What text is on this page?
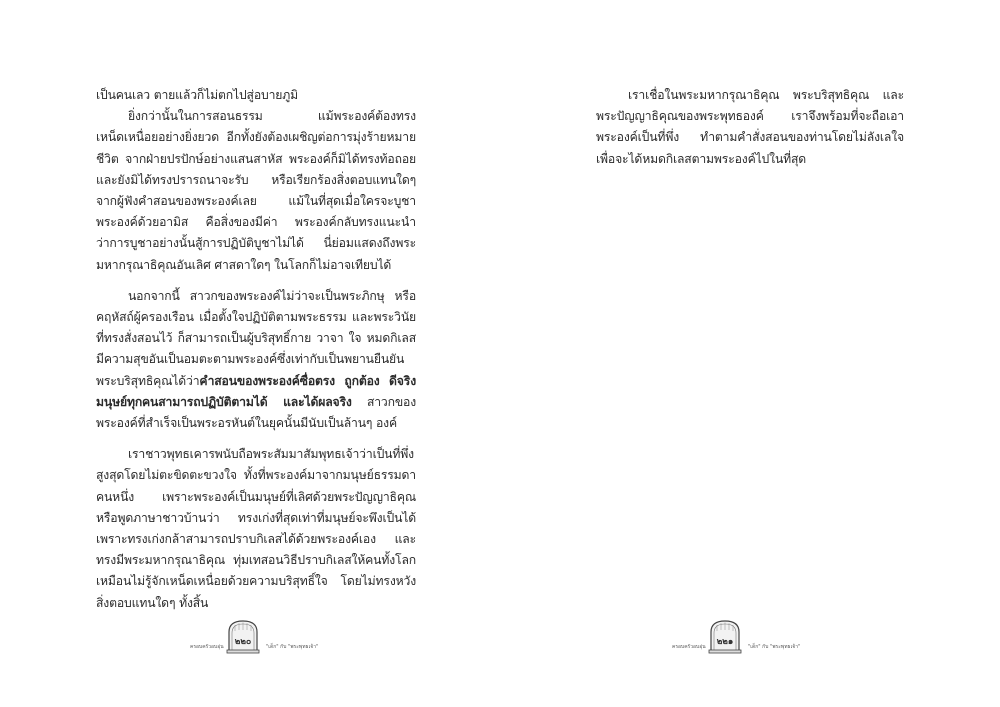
เป็นคนเลว ตายแล้วก็ไม่ตกไปสู่อบายภูมิ

ยิ่งกว่านั้นในการสอนธรรม แม้พระองค์ต้องทรงเหน็ดเหนื่อยอย่างยิ่งยวด อีกทั้งยังต้องเผชิญต่อการมุ่งร้ายหมายชีวิต จากฝ่ายปรปักษ์อย่างแสนสาหัส พระองค์ก็มิได้ทรงท้อถอย และยังมิได้ทรงปรารถนาจะรับ หรือเรียกร้องสิ่งตอบแทนใดๆ จากผู้ฟังคำสอนของพระองค์เลย แม้ในที่สุดเมื่อใครจะบูชาพระองค์ด้วยอามิส คือสิ่งของมีค่า พระองค์กลับทรงแนะนำว่าการบูชาอย่างนั้นสู้การปฏิบัติบูชาไม่ได้ นี่ย่อมแสดงถึงพระมหากรุณาธิคุณอันเลิศ ศาสดาใดๆ ในโลกก็ไม่อาจเทียบได้

นอกจากนี้ สาวกของพระองค์ไม่ว่าจะเป็นพระภิกษุ หรือคฤหัสถ์ผู้ครองเรือน เมื่อตั้งใจปฏิบัติตามพระธรรม และพระวินัยที่ทรงสั่งสอนไว้ ก็สามารถเป็นผู้บริสุทธิ์กาย วาจา ใจ หมดกิเลส มีความสุขอันเป็นอมตะตามพระองค์ซึ่งเท่ากับเป็นพยานยืนยันพระบริสุทธิคุณได้ว่าคำสอนของพระองค์ซื่อตรง ถูกต้อง ดีจริง มนุษย์ทุกคนสามารถปฏิบัติตามได้ และได้ผลจริง สาวกของพระองค์ที่สำเร็จเป็นพระอรหันต์ในยุคนั้นมีนับเป็นล้านๆ องค์

เราชาวพุทธเคารพนับถือพระสัมมาสัมพุทธเจ้าว่าเป็นที่พึ่งสูงสุดโดยไม่ตะขิดตะขวงใจ ทั้งที่พระองค์มาจากมนุษย์ธรรมดาคนหนึ่ง เพราะพระองค์เป็นมนุษย์ที่เลิศด้วยพระปัญญาธิคุณ หรือพูดภาษาชาวบ้านว่า ทรงเก่งที่สุดเท่าที่มนุษย์จะพึงเป็นได้ เพราะทรงเก่งกล้าสามารถปราบกิเลสได้ด้วยพระองค์เอง และทรงมีพระมหากรุณาธิคุณ ทุ่มเทสอนวิธีปราบกิเลสให้คนทั้งโลก เหมือนไม่รู้จักเหน็ดเหนื่อยด้วยความบริสุทธิ์ใจ โดยไม่ทรงหวังสิ่งตอบแทนใดๆ ทั้งสิ้น

ครอบครัวอบอุ่น	๒๒๐	"เด็ก" กับ "พระพุทธเจ้า"

เราเชื่อในพระมหากรุณาธิคุณ พระบริสุทธิคุณ และพระปัญญาธิคุณของพระพุทธองค์ เราจึงพร้อมที่จะถือเอาพระองค์เป็นที่พึ่ง ทำตามคำสั่งสอนของท่านโดยไม่ลังเลใจ เพื่อจะได้หมดกิเลสตามพระองค์ไปในที่สุด

ครอบครัวอบอุ่น	๒๒๑	"เด็ก" กับ "พระพุทธเจ้า"
